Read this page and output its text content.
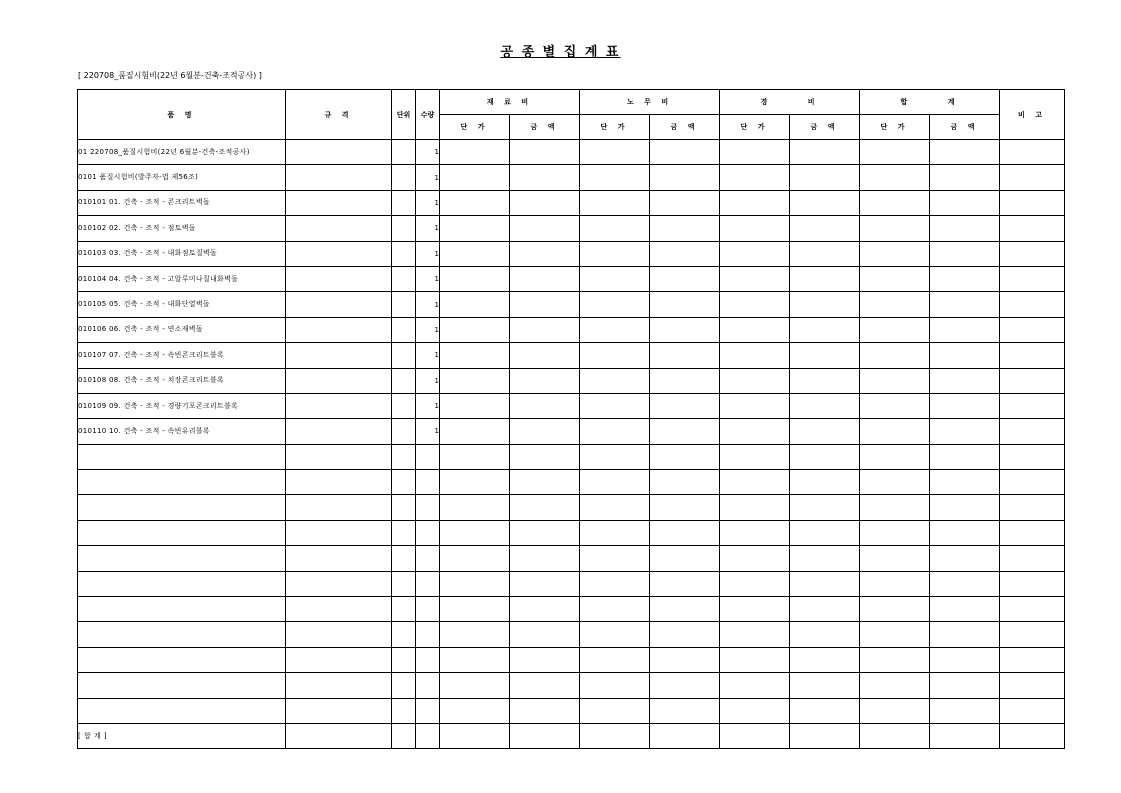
공 종 별 집 계 표
[ 220708_품질시험비(22년 6월분-건축-조적공사) ]
품 명	규 격	단위	수량	재 료 비		노 무 비		경 비		합 계		비 고
				단 가	금 액	단 가	금 액	단 가	금 액	단 가	금 액	
01 220708_품질시험비(22년 6월분-건축-조적공사)			1									
0101 품질시험비(발주자-법 제56조)			1									
010101 01. 건축 - 조적 - 콘크리트벽돌			1									
010102 02. 건축 - 조적 - 점토벽돌			1									
010103 03. 건축 - 조적 - 내화점토질벽돌			1									
010104 04. 건축 - 조적 - 고알루미나질내화벽돌			1									
010105 05. 건축 - 조적 - 내화단열벽돌			1									
010106 06. 건축 - 조적 - 연소재벽돌			1									
010107 07. 건축 - 조적 - 속빈콘크리트블록			1									
010108 08. 건축 - 조적 - 치장콘크리트블록			1									
010109 09. 건축 - 조적 - 경량기포콘크리트블록			1									
010110 10. 건축 - 조적 - 속빈유리블록			1									

[ 합 계 ]												
